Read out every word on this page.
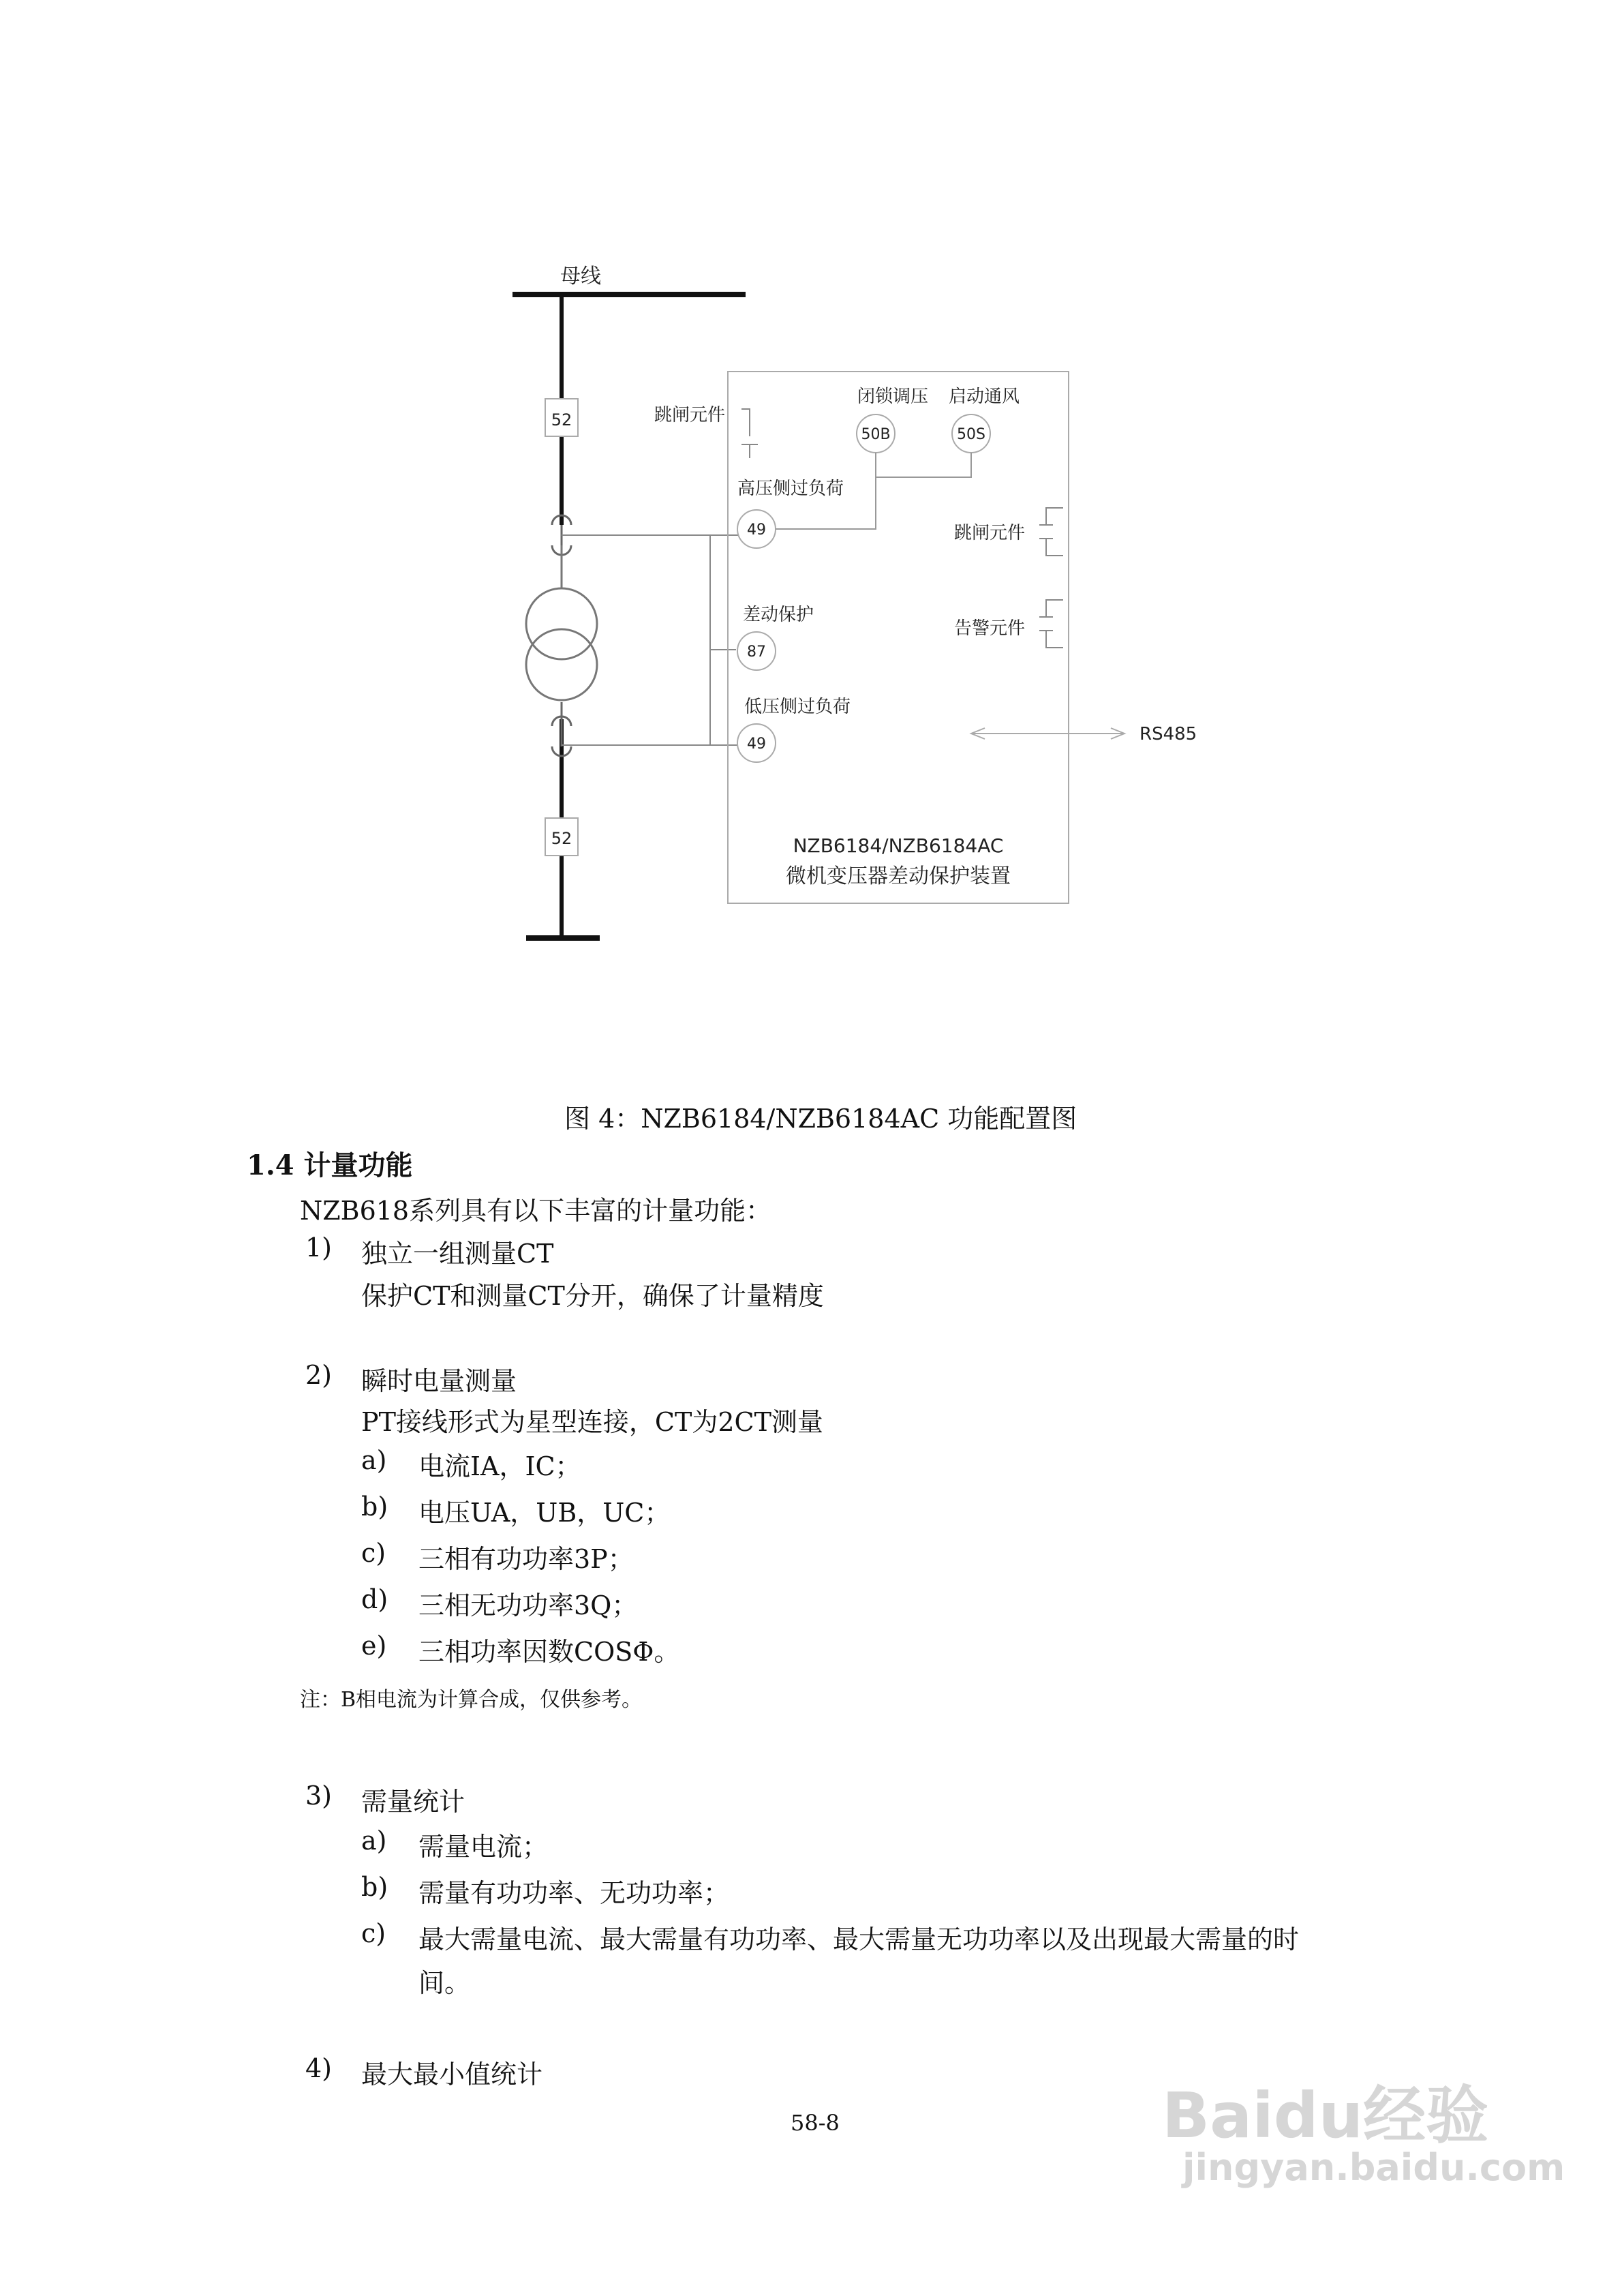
52
52
50B	50S
49
87
49
母线
跳闸元件
闭锁调压 启动通风
高压侧过负荷
跳闸元件
差动保护
告警元件
低压侧过负荷
RS485
NZB6184/NZB6184AC
微机变压器差动保护装置
图 4：NZB6184/NZB6184AC 功能配置图
1.4 计量功能
NZB618系列具有以下丰富的计量功能：
1) 独立一组测量CT
保护CT和测量CT分开，确保了计量精度
2) 瞬时电量测量
PT接线形式为星型连接，CT为2CT测量
a) 电流IA，IC；
b) 电压UA，UB，UC；
c) 三相有功功率3P；
d) 三相无功功率3Q；
e) 三相功率因数COSΦ。
注：B相电流为计算合成，仅供参考。
3) 需量统计
a) 需量电流；
b) 需量有功功率、无功功率；
c) 最大需量电流、最大需量有功功率、最大需量无功功率以及出现最大需量的时
间。
4) 最大最小值统计
58-8	Baidu经验
jingyan.baidu.com
